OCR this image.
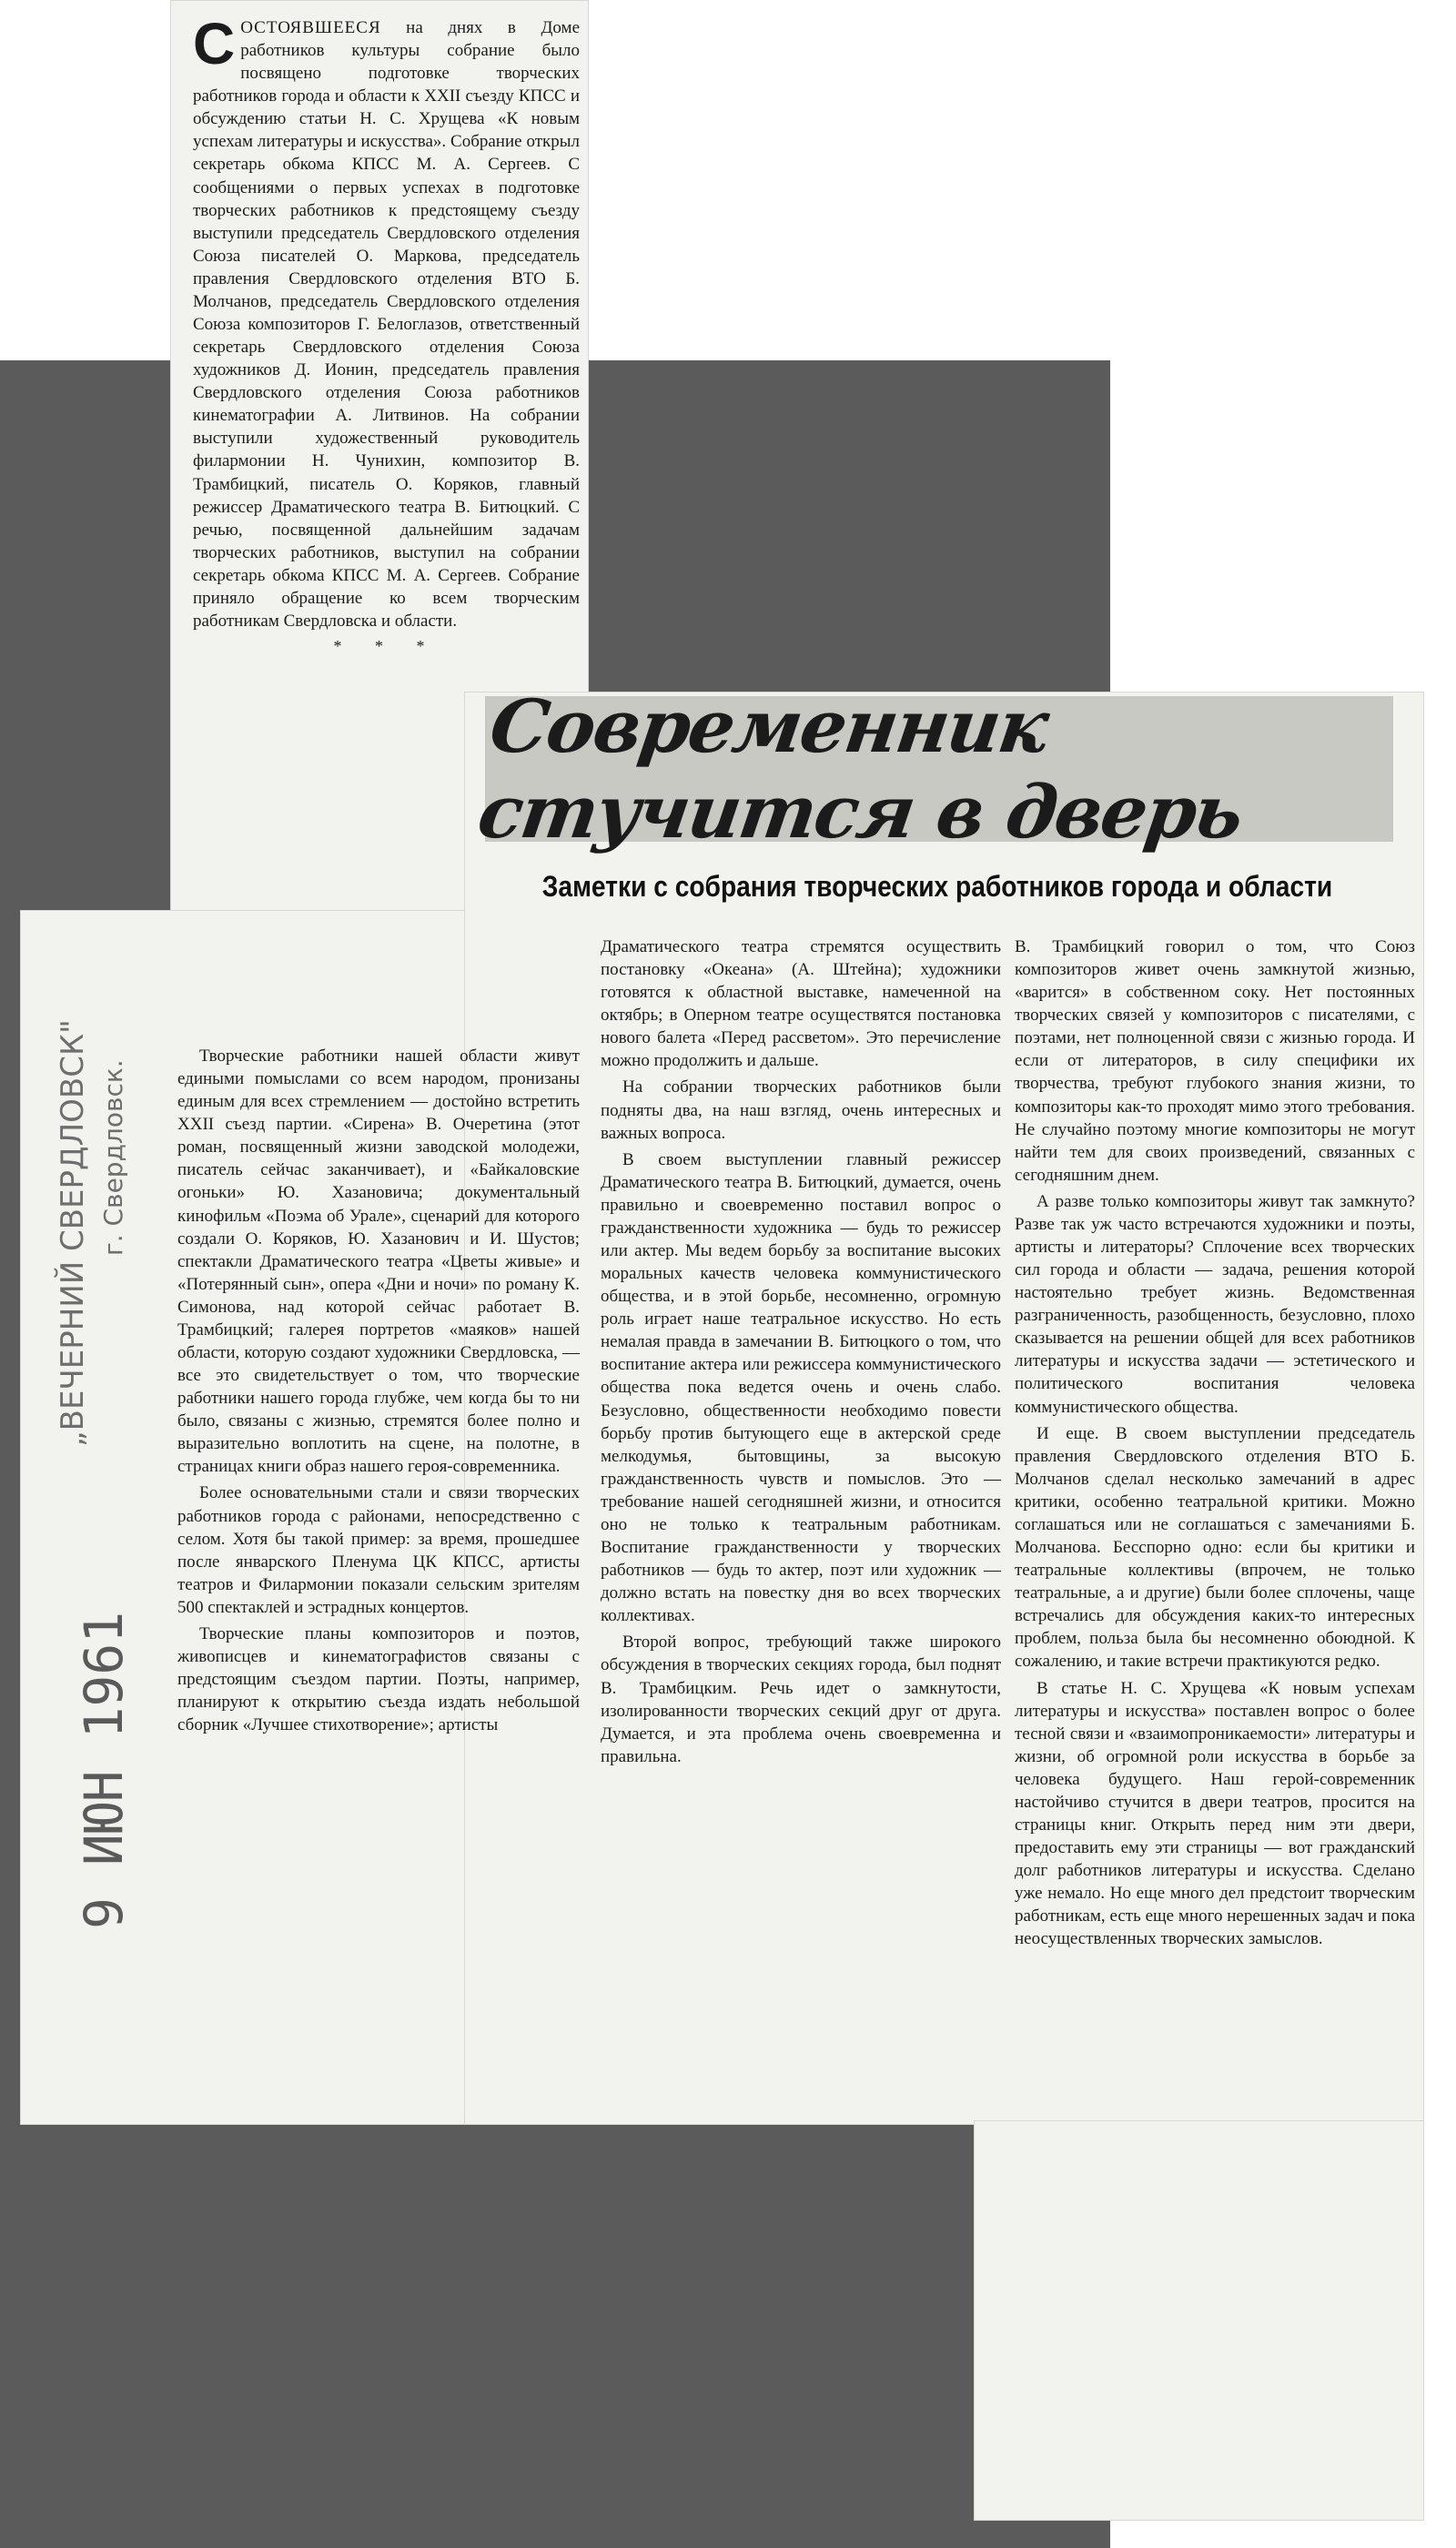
Современник стучится в дверь
Заметки с собрания творческих работников города и области

СОСТОЯВШЕЕСЯ на днях в Доме работников культуры собрание было посвящено подготовке творческих работников города и области к XXII съезду КПСС и обсуждению статьи Н. С. Хрущева «К новым успехам литературы и искусства». Собрание открыл секретарь обкома КПСС М. А. Сергеев. С сообщениями о первых успехах в подготовке творческих работников к предстоящему съезду выступили председатель Свердловского отделения Союза писателей О. Маркова, председатель правления Свердловского отделения ВТО Б. Молчанов, председатель Свердловского отделения Союза композиторов Г. Белоглазов, ответственный секретарь Свердловского отделения Союза художников Д. Ионин, председатель правления Свердловского отделения Союза работников кинематографии А. Литвинов. На собрании выступили художественный руководитель филармонии Н. Чунихин, композитор В. Трамбицкий, писатель О. Коряков, главный режиссер Драматического театра В. Битюцкий. С речью, посвященной дальнейшим задачам творческих работников, выступил на собрании секретарь обкома КПСС М. А. Сергеев. Собрание приняло обращение ко всем творческим работникам Свердловска и области.

* * *

Творческие работники нашей области живут едиными помыслами со всем народом, пронизаны единым для всех стремлением — достойно встретить XXII съезд партии. «Сирена» В. Очеретина (этот роман, посвященный жизни заводской молодежи, писатель сейчас заканчивает), и «Байкаловские огоньки» Ю. Хазановича; документальный кинофильм «Поэма об Урале», сценарий для которого создали О. Коряков, Ю. Хазанович и И. Шустов; спектакли Драматического театра «Цветы живые» и «Потерянный сын», опера «Дни и ночи» по роману К. Симонова, над которой сейчас работает В. Трамбицкий; галерея портретов «маяков» нашей области, которую создают художники Свердловска, — все это свидетельствует о том, что творческие работники нашего города глубже, чем когда бы то ни было, связаны с жизнью, стремятся более полно и выразительно воплотить на сцене, на полотне, в страницах книги образ нашего героя-современника.

Более основательными стали и связи творческих работников города с районами, непосредственно с селом. Хотя бы такой пример: за время, прошедшее после январского Пленума ЦК КПСС, артисты театров и Филармонии показали сельским зрителям 500 спектаклей и эстрадных концертов.

Творческие планы композиторов и поэтов, живописцев и кинематографистов связаны с предстоящим съездом партии. Поэты, например, планируют к открытию съезда издать небольшой сборник «Лучшее стихотворение»; артисты

Драматического театра стремятся осуществить постановку «Океана» (А. Штейна); художники готовятся к областной выставке, намеченной на октябрь; в Оперном театре осуществятся постановка нового балета «Перед рассветом». Это перечисление можно продолжить и дальше.

На собрании творческих работников были подняты два, на наш взгляд, очень интересных и важных вопроса.

В своем выступлении главный режиссер Драматического театра В. Битюцкий, думается, очень правильно и своевременно поставил вопрос о гражданственности художника — будь то режиссер или актер. Мы ведем борьбу за воспитание высоких моральных качеств человека коммунистического общества, и в этой борьбе, несомненно, огромную роль играет наше театральное искусство. Но есть немалая правда в замечании В. Битюцкого о том, что воспитание актера или режиссера коммунистического общества пока ведется очень и очень слабо. Безусловно, общественности необходимо повести борьбу против бытующего еще в актерской среде мелкодумья, бытовщины, за высокую гражданственность чувств и помыслов. Это — требование нашей сегодняшней жизни, и относится оно не только к театральным работникам. Воспитание гражданственности у творческих работников — будь то актер, поэт или художник — должно встать на повестку дня во всех творческих коллективах.

Второй вопрос, требующий также широкого обсуждения в творческих секциях города, был поднят В. Трамбицким. Речь идет о замкнутости, изолированности творческих секций друг от друга. Думается, и эта проблема очень своевременна и правильна.

В. Трамбицкий говорил о том, что Союз композиторов живет очень замкнутой жизнью, «варится» в собственном соку. Нет постоянных творческих связей у композиторов с писателями, с поэтами, нет полноценной связи с жизнью города. И если от литераторов, в силу специфики их творчества, требуют глубокого знания жизни, то композиторы как-то проходят мимо этого требования. Не случайно поэтому многие композиторы не могут найти тем для своих произведений, связанных с сегодняшним днем.

А разве только композиторы живут так замкнуто? Разве так уж часто встречаются художники и поэты, артисты и литераторы? Сплочение всех творческих сил города и области — задача, решения которой настоятельно требует жизнь. Ведомственная разграниченность, разобщенность, безусловно, плохо сказывается на решении общей для всех работников литературы и искусства задачи — эстетического и политического воспитания человека коммунистического общества.

И еще. В своем выступлении председатель правления Свердловского отделения ВТО Б. Молчанов сделал несколько замечаний в адрес критики, особенно театральной критики. Можно соглашаться или не соглашаться с замечаниями Б. Молчанова. Бесспорно одно: если бы критики и театральные коллективы (впрочем, не только театральные, а и другие) были более сплочены, чаще встречались для обсуждения каких-то интересных проблем, польза была бы несомненно обоюдной. К сожалению, и такие встречи практикуются редко.

В статье Н. С. Хрущева «К новым успехам литературы и искусства» поставлен вопрос о более тесной связи и «взаимопроникаемости» литературы и жизни, об огромной роли искусства в борьбе за человека будущего. Наш герой-современник настойчиво стучится в двери театров, просится на страницы книг. Открыть перед ним эти двери, предоставить ему эти страницы — вот гражданский долг работников литературы и искусства. Сделано уже немало. Но еще много дел предстоит творческим работникам, есть еще много нерешенных задач и пока неосуществленных творческих замыслов.

„ВЕЧЕРНИЙ СВЕРДЛОВСК" г. Свердловск.
9 ИЮН 1961
